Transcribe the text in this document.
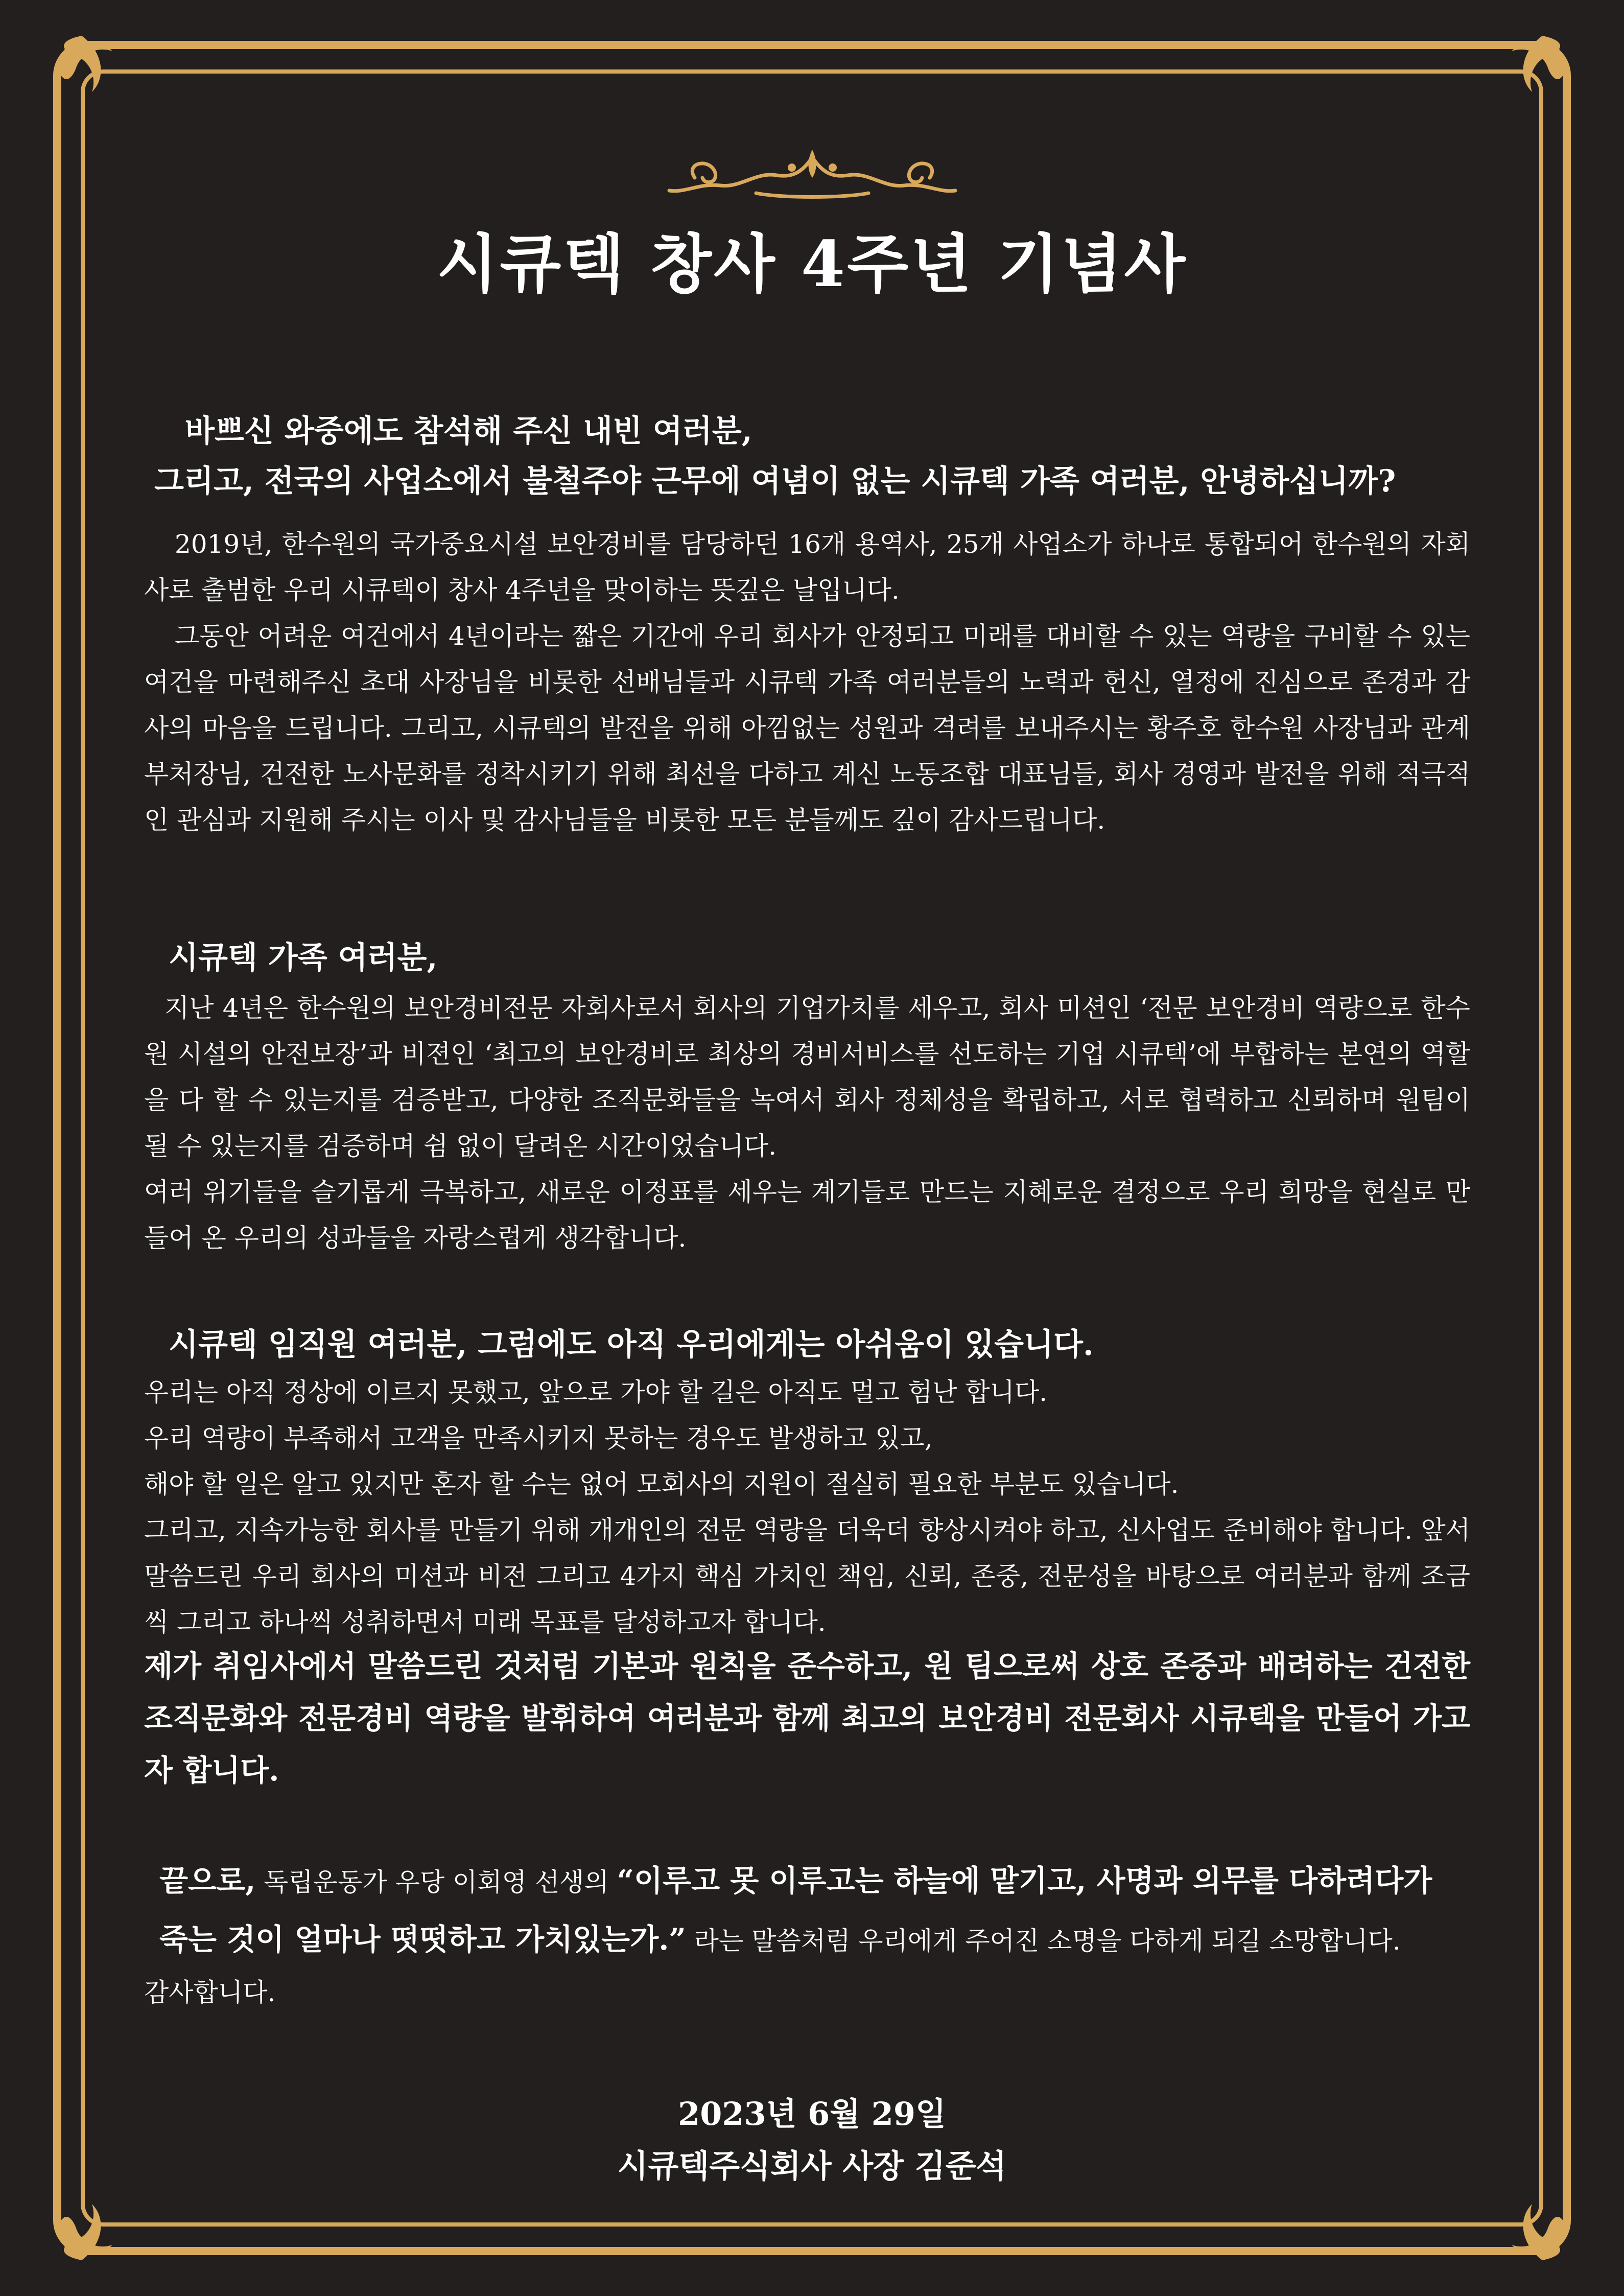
시큐텍 창사 4주년 기념사

바쁘신 와중에도 참석해 주신 내빈 여러분,

그리고, 전국의 사업소에서 불철주야 근무에 여념이 없는 시큐텍 가족 여러분, 안녕하십니까?

2019년, 한수원의 국가중요시설 보안경비를 담당하던 16개 용역사, 25개 사업소가 하나로 통합되어 한수원의 자회사로 출범한 우리 시큐텍이 창사 4주년을 맞이하는 뜻깊은 날입니다.

그동안 어려운 여건에서 4년이라는 짧은 기간에 우리 회사가 안정되고 미래를 대비할 수 있는 역량을 구비할 수 있는 여건을 마련해주신 초대 사장님을 비롯한 선배님들과 시큐텍 가족 여러분들의 노력과 헌신, 열정에 진심으로 존경과 감사의 마음을 드립니다. 그리고, 시큐텍의 발전을 위해 아낌없는 성원과 격려를 보내주시는 황주호 한수원 사장님과 관계부처장님, 건전한 노사문화를 정착시키기 위해 최선을 다하고 계신 노동조합 대표님들, 회사 경영과 발전을 위해 적극적인 관심과 지원해 주시는 이사 및 감사님들을 비롯한 모든 분들께도 깊이 감사드립니다.

시큐텍 가족 여러분,

지난 4년은 한수원의 보안경비전문 자회사로서 회사의 기업가치를 세우고, 회사 미션인 ‘전문 보안경비 역량으로 한수원 시설의 안전보장’과 비젼인 ‘최고의 보안경비로 최상의 경비서비스를 선도하는 기업 시큐텍’에 부합하는 본연의 역할을 다 할 수 있는지를 검증받고, 다양한 조직문화들을 녹여서 회사 정체성을 확립하고, 서로 협력하고 신뢰하며 원팀이 될 수 있는지를 검증하며 쉼 없이 달려온 시간이었습니다.

여러 위기들을 슬기롭게 극복하고, 새로운 이정표를 세우는 계기들로 만드는 지혜로운 결정으로 우리 희망을 현실로 만들어 온 우리의 성과들을 자랑스럽게 생각합니다.

시큐텍 임직원 여러분, 그럼에도 아직 우리에게는 아쉬움이 있습니다.

우리는 아직 정상에 이르지 못했고, 앞으로 가야 할 길은 아직도 멀고 험난 합니다.

우리 역량이 부족해서 고객을 만족시키지 못하는 경우도 발생하고 있고,

해야 할 일은 알고 있지만 혼자 할 수는 없어 모회사의 지원이 절실히 필요한 부분도 있습니다.

그리고, 지속가능한 회사를 만들기 위해 개개인의 전문 역량을 더욱더 향상시켜야 하고, 신사업도 준비해야 합니다. 앞서 말씀드린 우리 회사의 미션과 비전 그리고 4가지 핵심 가치인 책임, 신뢰, 존중, 전문성을 바탕으로 여러분과 함께 조금씩 그리고 하나씩 성취하면서 미래 목표를 달성하고자 합니다.

제가 취임사에서 말씀드린 것처럼 기본과 원칙을 준수하고, 원 팀으로써 상호 존중과 배려하는 건전한 조직문화와 전문경비 역량을 발휘하여 여러분과 함께 최고의 보안경비 전문회사 시큐텍을 만들어 가고자 합니다.

끝으로, 독립운동가 우당 이회영 선생의 “이루고 못 이루고는 하늘에 맡기고, 사명과 의무를 다하려다가 죽는 것이 얼마나 떳떳하고 가치있는가.” 라는 말씀처럼 우리에게 주어진 소명을 다하게 되길 소망합니다.

감사합니다.

2023년 6월 29일
시큐텍주식회사 사장 김준석
